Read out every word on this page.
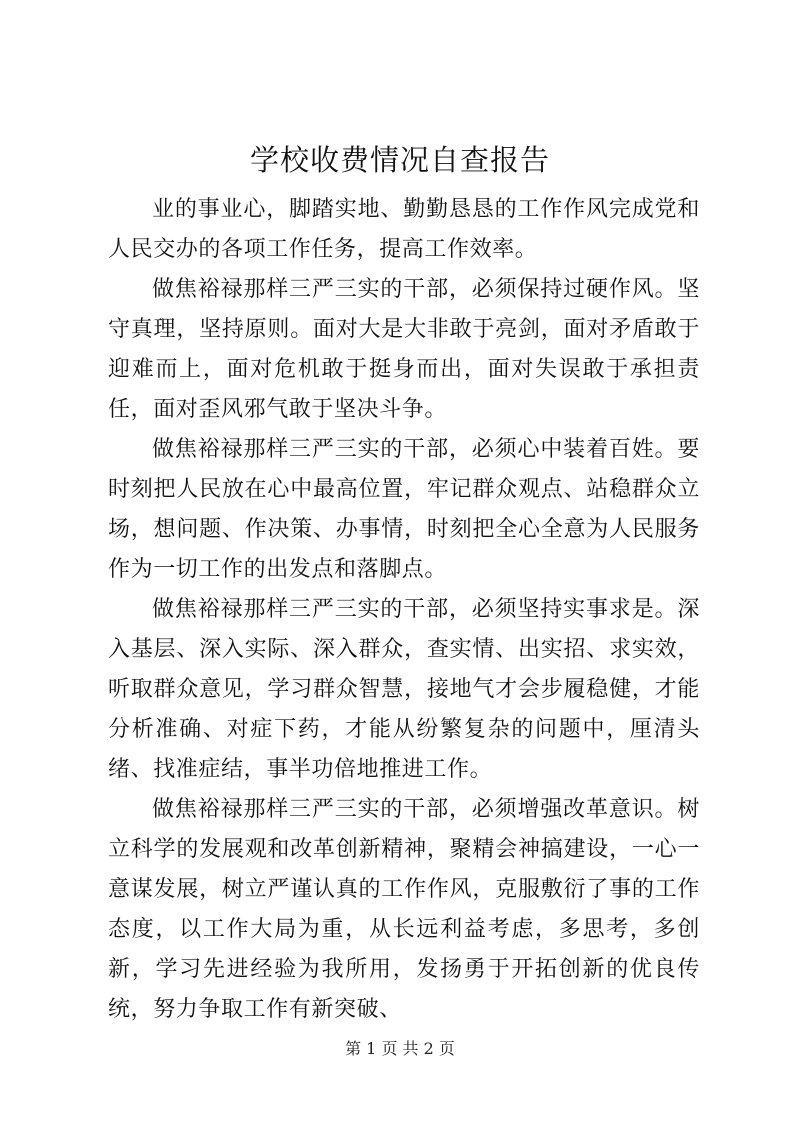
学校收费情况自查报告

业的事业心，脚踏实地、勤勤恳恳的工作作风完成党和人民交办的各项工作任务，提高工作效率。

做焦裕禄那样三严三实的干部，必须保持过硬作风。坚守真理，坚持原则。面对大是大非敢于亮剑，面对矛盾敢于迎难而上，面对危机敢于挺身而出，面对失误敢于承担责任，面对歪风邪气敢于坚决斗争。

做焦裕禄那样三严三实的干部，必须心中装着百姓。要时刻把人民放在心中最高位置，牢记群众观点、站稳群众立场，想问题、作决策、办事情，时刻把全心全意为人民服务作为一切工作的出发点和落脚点。

做焦裕禄那样三严三实的干部，必须坚持实事求是。深入基层、深入实际、深入群众，查实情、出实招、求实效，听取群众意见，学习群众智慧，接地气才会步履稳健，才能分析准确、对症下药，才能从纷繁复杂的问题中，厘清头绪、找准症结，事半功倍地推进工作。

做焦裕禄那样三严三实的干部，必须增强改革意识。树立科学的发展观和改革创新精神，聚精会神搞建设，一心一意谋发展，树立严谨认真的工作作风，克服敷衍了事的工作态度，以工作大局为重，从长远利益考虑，多思考，多创新，学习先进经验为我所用，发扬勇于开拓创新的优良传统，努力争取工作有新突破、

第 1 页 共 2 页
